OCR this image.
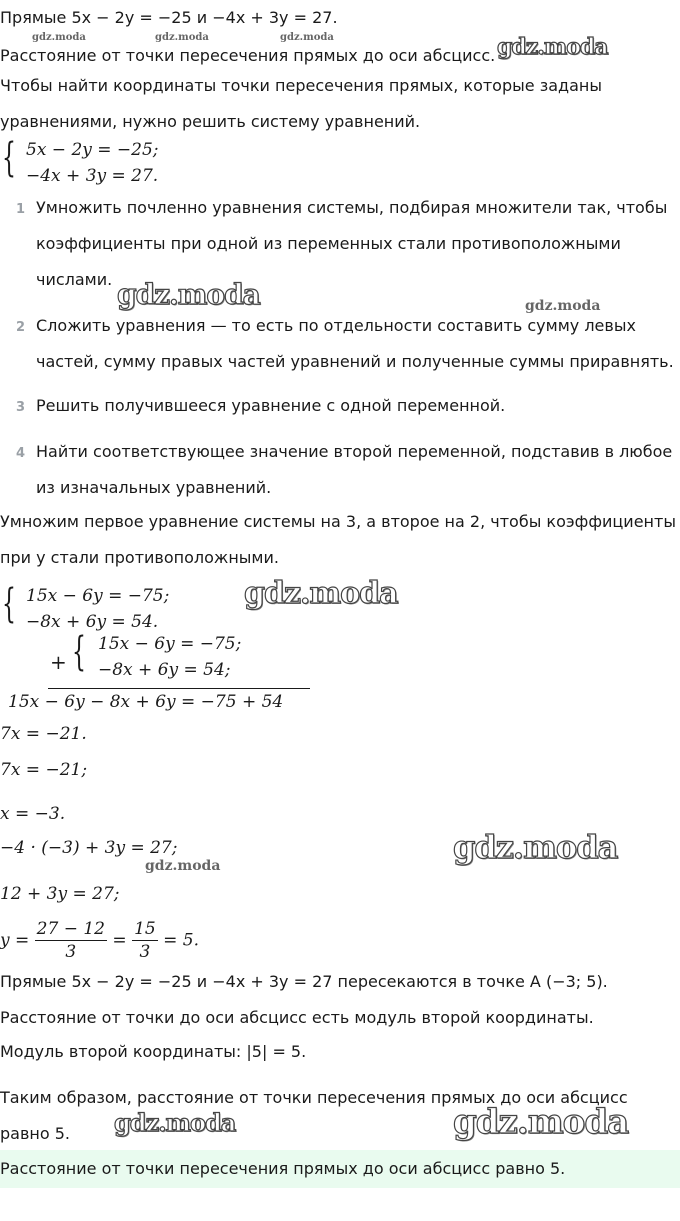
Прямые 5x − 2y = −25 и −4x + 3y = 27.
Расстояние от точки пересечения прямых до оси абсцисс.
gdz.moda	gdz.moda	gdz.moda	gdz.moda
Чтобы найти координаты точки пересечения прямых, которые заданы
уравнениями, нужно решить систему уравнений.
{ 5x − 2y = −25;
−4x + 3y = 27.
1 Умножить почленно уравнения системы, подбирая множители так, чтобы
коэффициенты при одной из переменных стали противоположными
числами. gdz.moda	gdz.moda
2 Сложить уравнения — то есть по отдельности составить сумму левых
частей, сумму правых частей уравнений и полученные суммы приравнять.
3 Решить получившееся уравнение с одной переменной.
4 Найти соответствующее значение второй переменной, подставив в любое
из изначальных уравнений.
Умножим первое уравнение системы на 3, а второе на 2, чтобы коэффициенты
при y стали противоположными.
{ 15x − 6y = −75;
−8x + 6y = 54.
gdz.moda
+ { 15x − 6y = −75;
−8x + 6y = 54;
15x − 6y − 8x + 6y = −75 + 54
7x = −21.
7x = −21;
x = −3.
−4 · (−3) + 3y = 27;
gdz.moda	gdz.moda
12 + 3y = 27;
$y = \frac{27 - 12}{3} = \frac{15}{3} = 5$.
Прямые 5x − 2y = −25 и −4x + 3y = 27 пересекаются в точке A (−3; 5).
Расстояние от точки до оси абсцисс есть модуль второй координаты.
Модуль второй координаты: |5| = 5.
Таким образом, расстояние от точки пересечения прямых до оси абсцисс
равно 5. gdz.moda	gdz.moda
Расстояние от точки пересечения прямых до оси абсцисс равно 5.
